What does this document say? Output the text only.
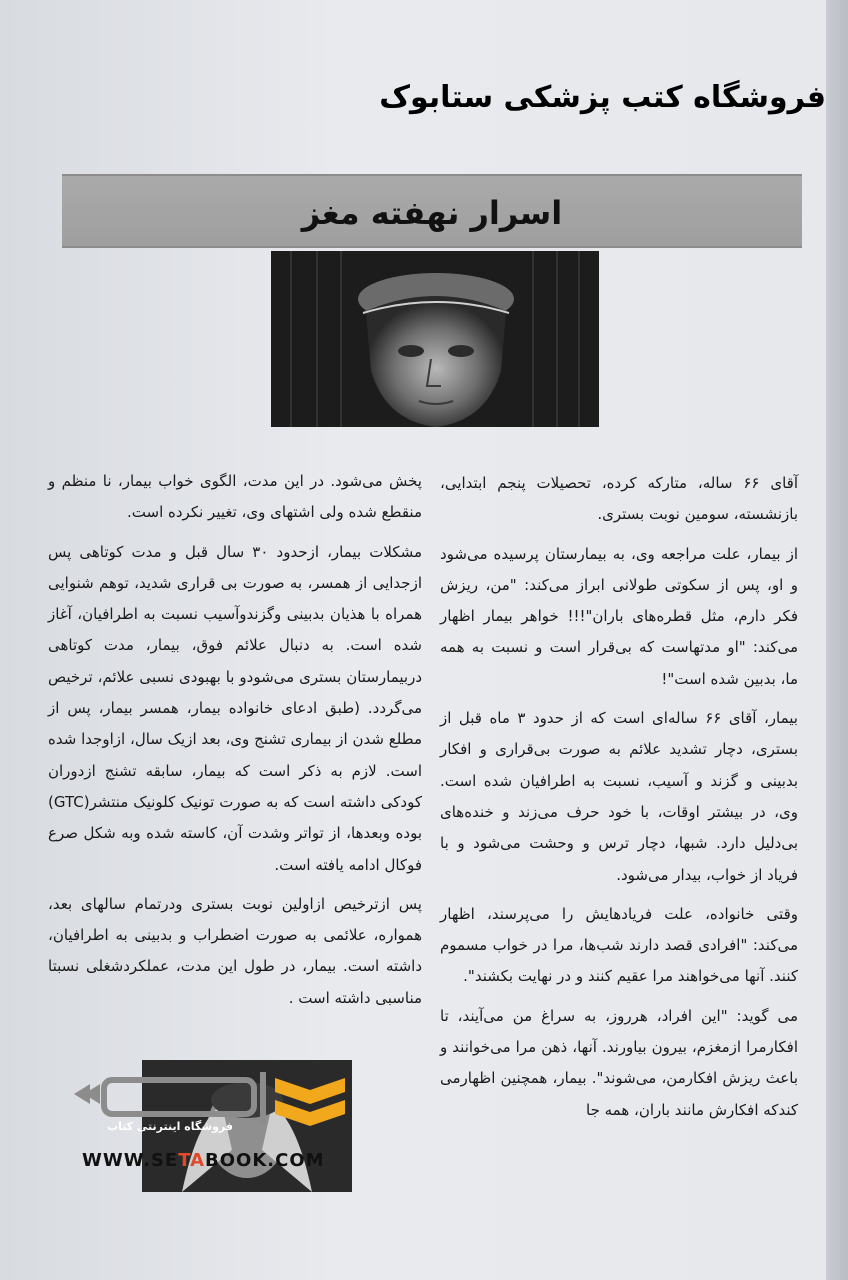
فروشگاه کتب پزشکی ستابوک
اسرار نهفته مغز

آقای ۶۶ ساله، متارکه کرده، تحصیلات پنجم ابتدایی، بازنشسته، سومین نوبت بستری.

از بیمار، علت مراجعه وی، به بیمارستان پرسیده می‌شود و او، پس از سکوتی طولانی ابراز می‌کند: "من، ریزش فکر دارم، مثل قطره‌های باران"!!! خواهر بیمار اظهار می‌کند: "او مدتهاست که بی‌قرار است و نسبت به همه ما، بدبین شده است"!

بیمار، آقای ۶۶ ساله‌ای است که از حدود ۳ ماه قبل از بستری، دچار تشدید علائم به صورت بی‌قراری و افکار بدبینی و گزند و آسیب، نسبت به اطرافیان شده است. وی، در بیشتر اوقات، با خود حرف می‌زند و خنده‌های بی‌دلیل دارد. شبها، دچار ترس و وحشت می‌شود و با فریاد از خواب، بیدار می‌شود.

وقتی خانواده، علت فریادهایش را می‌پرسند، اظهار می‌کند: "افرادی قصد دارند شب‌ها، مرا در خواب مسموم کنند. آنها می‌خواهند مرا عقیم کنند و در نهایت بکشند".

می گوید: "این افراد، هرروز، به سراغ من می‌آیند، تا افکارمرا ازمغزم، بیرون بیاورند. آنها، ذهن مرا می‌خوانند و باعث ریزش افکارمن، می‌شوند". بیمار، همچنین اظهارمی کندکه افکارش مانند باران، همه جا

پخش می‌شود. در این مدت، الگوی خواب بیمار، نا منظم و منقطع شده ولی اشتهای وی، تغییر نکرده است.

مشکلات بیمار، ازحدود ۳۰ سال قبل و مدت کوتاهی پس ازجدایی از همسر، به صورت بی قراری شدید، توهم شنوایی همراه با هذیان بدبینی وگزندوآسیب نسبت به اطرافیان، آغاز شده است. به دنبال علائم فوق، بیمار، مدت کوتاهی دربیمارستان بستری می‌شودو با بهبودی نسبی علائم، ترخیص می‌گردد. (طبق ادعای خانواده بیمار، همسر بیمار، پس از مطلع شدن از بیماری تشنج وی، بعد ازیک سال، ازاوجدا شده است. لازم به ذکر است که بیمار، سابقه تشنج ازدوران کودکی داشته است که به صورت تونیک کلونیک منتشر(GTC) بوده وبعدها، از تواتر وشدت آن، کاسته شده وبه شکل صرع فوکال ادامه یافته است.

پس ازترخیص ازاولین نوبت بستری ودرتمام سالهای بعد، همواره، علائمی به صورت اضطراب و بدبینی به اطرافیان، داشته است. بیمار، در طول این مدت، عملکردشغلی نسبتا مناسبی داشته است .

فروشگاه اینترنتی کتاب
WWW.SETABOOK.COM
